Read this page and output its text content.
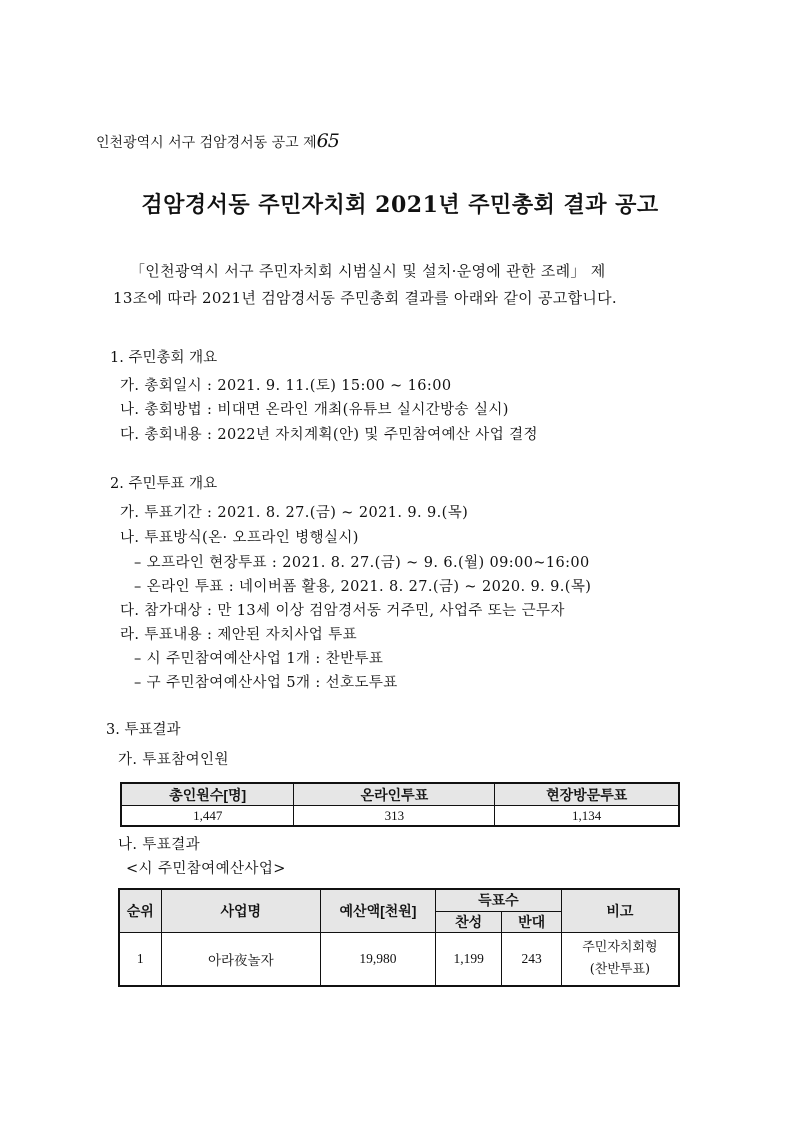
인천광역시 서구 검암경서동 공고 제65
검암경서동 주민자치회 2021년 주민총회 결과 공고
「인천광역시 서구 주민자치회 시범실시 및 설치·운영에 관한 조례」 제
13조에 따라 2021년 검암경서동 주민총회 결과를 아래와 같이 공고합니다.
1. 주민총회 개요
가. 총회일시 : 2021. 9. 11.(토) 15:00 ~ 16:00
나. 총회방법 : 비대면 온라인 개최(유튜브 실시간방송 실시)
다. 총회내용 : 2022년 자치계획(안) 및 주민참여예산 사업 결정
2. 주민투표 개요
가. 투표기간 : 2021. 8. 27.(금) ~ 2021. 9. 9.(목)
나. 투표방식(온· 오프라인 병행실시)
– 오프라인 현장투표 : 2021. 8. 27.(금) ~ 9. 6.(월) 09:00~16:00
– 온라인 투표 : 네이버폼 활용, 2021. 8. 27.(금) ~ 2020. 9. 9.(목)
다. 참가대상 : 만 13세 이상 검암경서동 거주민, 사업주 또는 근무자
라. 투표내용 : 제안된 자치사업 투표
– 시 주민참여예산사업 1개 : 찬반투표
– 구 주민참여예산사업 5개 : 선호도투표
3. 투표결과
가. 투표참여인원
총인원수[명]	온라인투표	현장방문투표
1,447	313	1,134
나. 투표결과
<시 주민참여예산사업>
순위	사업명	예산액[천원]	득표수		비고
			찬성	반대	
1	아라夜놀자	19,980	1,199	243	주민자치회형
(찬반투표)
